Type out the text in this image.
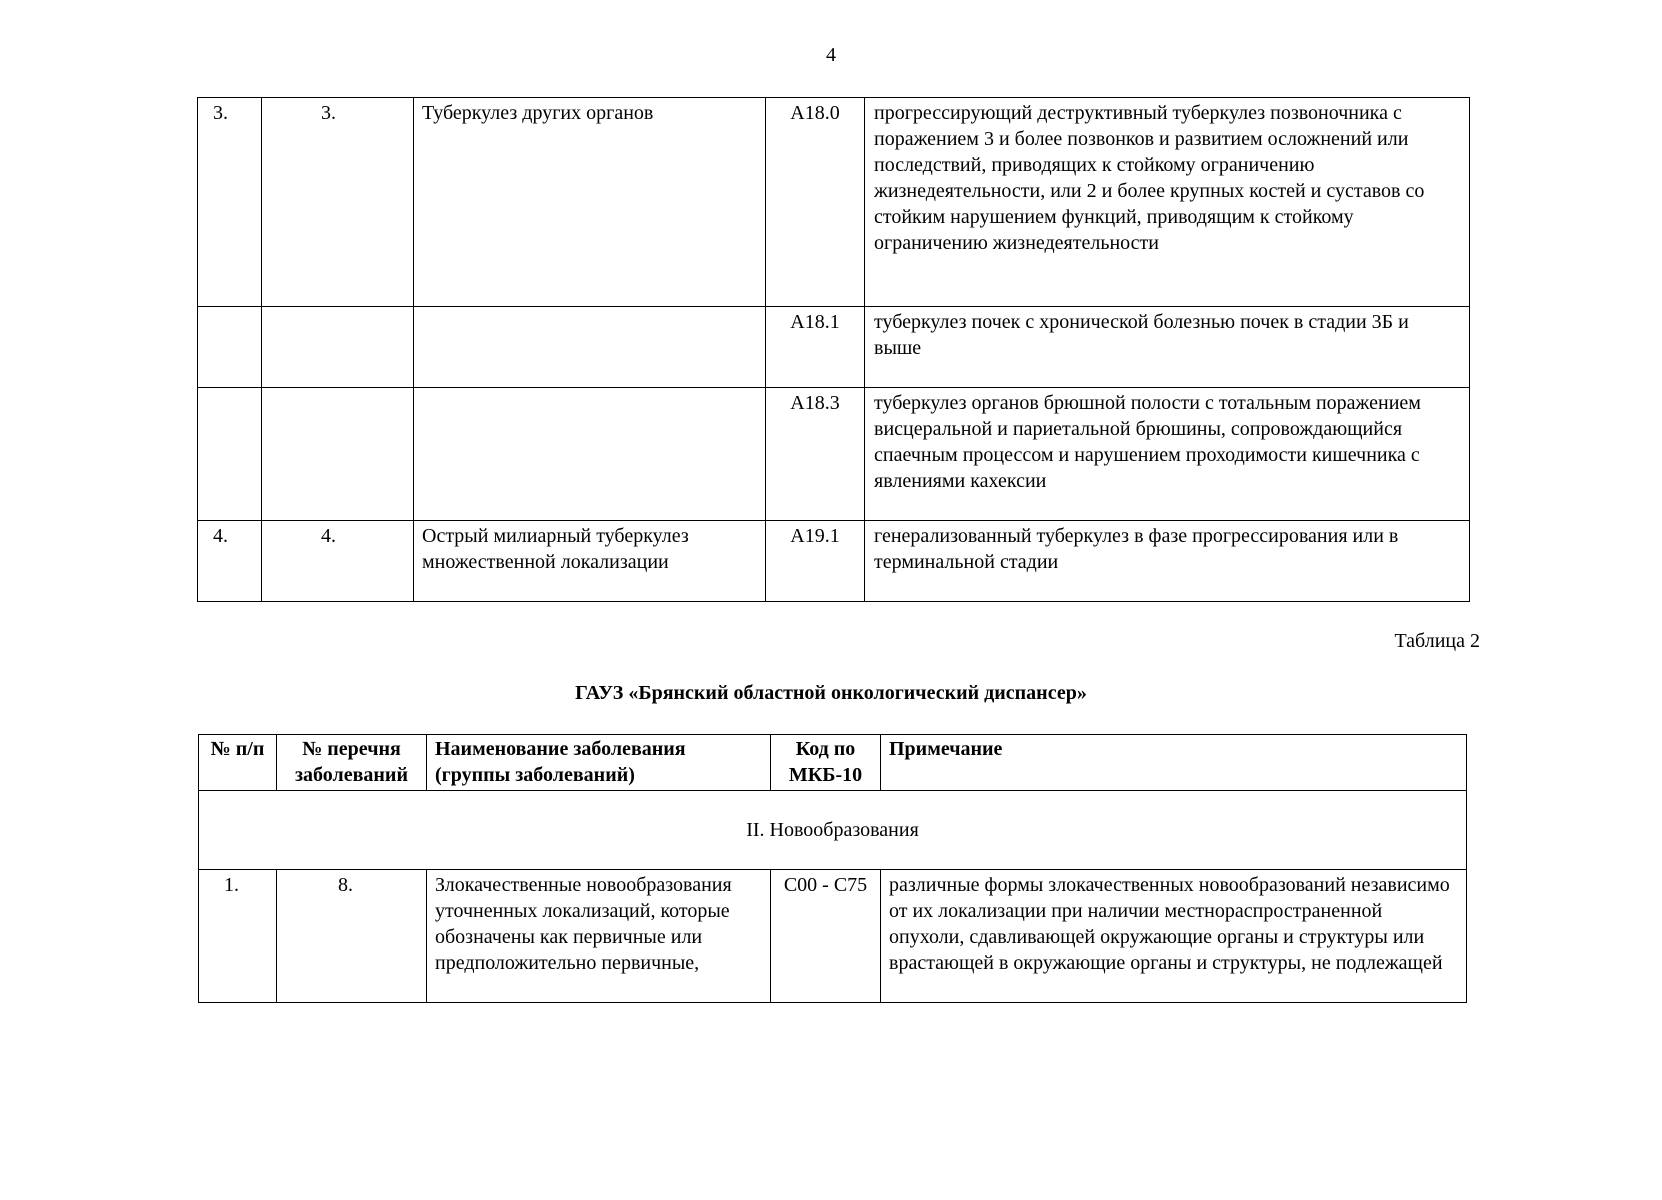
4
3.	3.	Туберкулез других органов	A18.0	прогрессирующий деструктивный туберкулез позвоночника с поражением 3 и более позвонков и развитием осложнений или последствий, приводящих к стойкому ограничению жизнедеятельности, или 2 и более крупных костей и суставов со стойким нарушением функций, приводящим к стойкому ограничению жизнедеятельности
			A18.1	туберкулез почек с хронической болезнью почек в стадии 3Б и выше
			A18.3	туберкулез органов брюшной полости с тотальным поражением висцеральной и париетальной брюшины, сопровождающийся спаечным процессом и нарушением проходимости кишечника с явлениями кахексии
4.	4.	Острый милиарный туберкулез множественной локализации	A19.1	генерализованный туберкулез в фазе прогрессирования или в терминальной стадии
Таблица 2
ГАУЗ «Брянский областной онкологический диспансер»
№ п/п	№ перечня заболеваний	Наименование заболевания (группы заболеваний)	Код по МКБ-10	Примечание
II. Новообразования				
1.	8.	Злокачественные новообразования уточненных локализаций, которые обозначены как первичные или предположительно первичные,	C00 - C75	различные формы злокачественных новообразований независимо от их локализации при наличии местнораспространенной опухоли, сдавливающей окружающие органы и структуры или врастающей в окружающие органы и структуры, не подлежащей
